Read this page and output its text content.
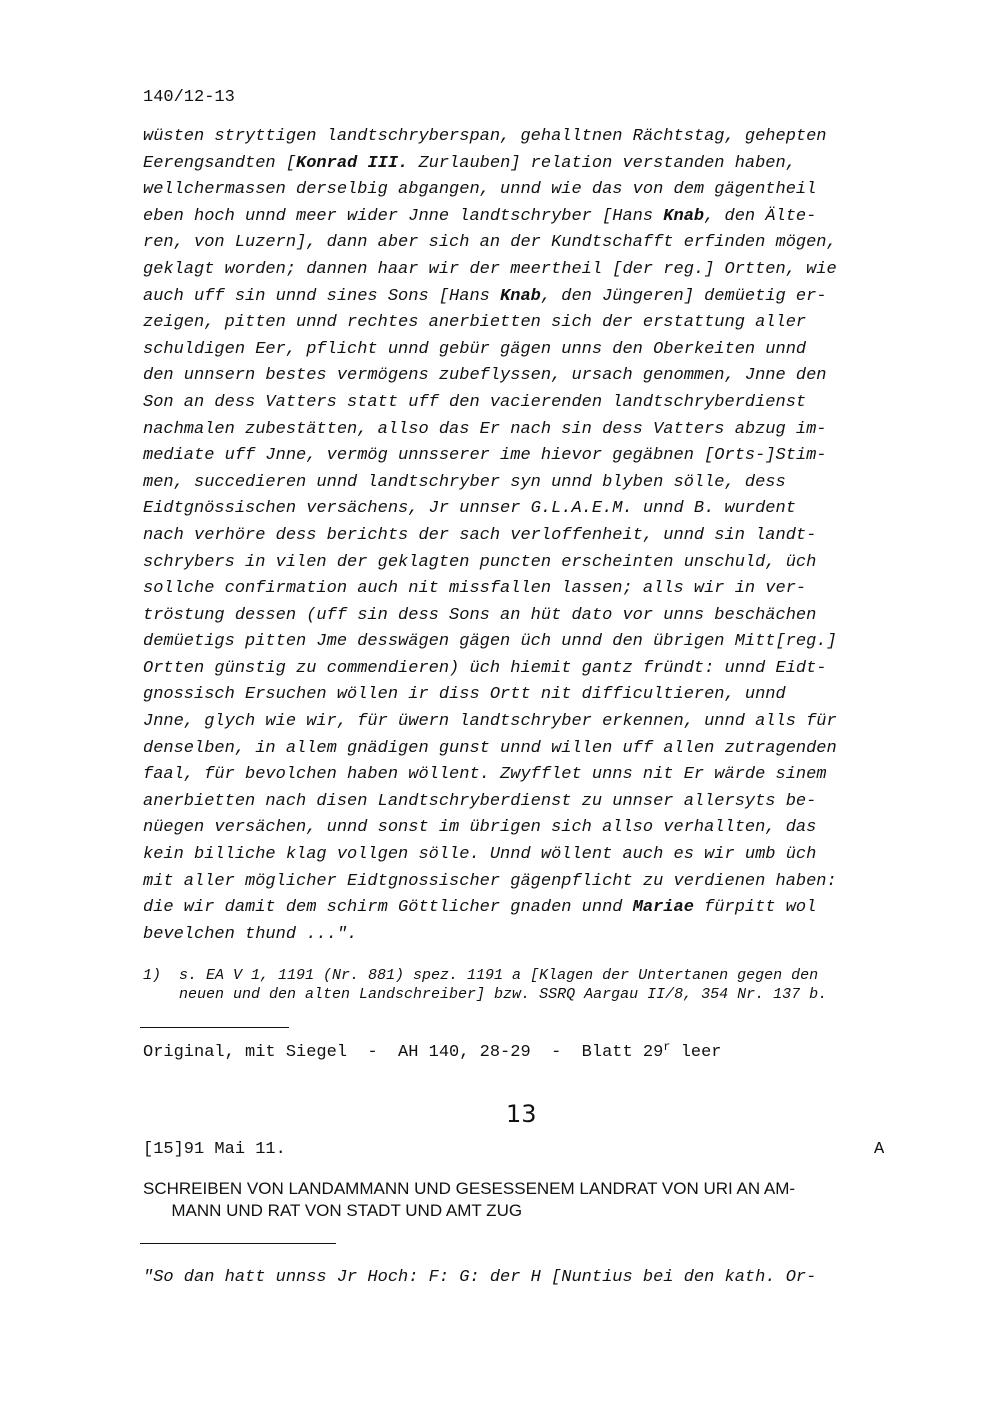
140/12-13
wüsten stryttigen landtschryberspan, gehalltnen Rächtstag, gehepten
Eerengsandten [Konrad III. Zurlauben] relation verstanden haben,
wellchermassen derselbig abgangen, unnd wie das von dem gägentheil
eben hoch unnd meer wider Jnne landtschryber [Hans Knab, den Älte-
ren, von Luzern], dann aber sich an der Kundtschafft erfinden mögen,
geklagt worden; dannen haar wir der meertheil [der reg.] Ortten, wie
auch uff sin unnd sines Sons [Hans Knab, den Jüngeren] demüetig er-
zeigen, pitten unnd rechtes anerbietten sich der erstattung aller
schuldigen Eer, pflicht unnd gebür gägen unns den Oberkeiten unnd
den unnsern bestes vermögens zubeflyssen, ursach genommen, Jnne den
Son an dess Vatters statt uff den vacierenden landtschryberdienst
nachmalen zubestätten, allso das Er nach sin dess Vatters abzug im-
mediate uff Jnne, vermög unnsserer ime hievor gegäbnen [Orts-]Stim-
men, succedieren unnd landtschryber syn unnd blyben sölle, dess
Eidtgnössischen versächens, Jr unnser G.L.A.E.M. unnd B. wurdent
nach verhöre dess berichts der sach verloffenheit, unnd sin landt-
schrybers in vilen der geklagten puncten erscheinten unschuld, üch
sollche confirmation auch nit missfallen lassen; alls wir in ver-
tröstung dessen (uff sin dess Sons an hüt dato vor unns beschächen
demüetigs pitten Jme desswägen gägen üch unnd den übrigen Mitt[reg.]
Ortten günstig zu commendieren) üch hiemit gantz fründt: unnd Eidt-
gnossisch Ersuchen wöllen ir diss Ortt nit difficultieren, unnd
Jnne, glych wie wir, für üwern landtschryber erkennen, unnd alls für
denselben, in allem gnädigen gunst unnd willen uff allen zutragenden
faal, für bevolchen haben wöllent. Zwyfflet unns nit Er wärde sinem
anerbietten nach disen Landtschryberdienst zu unnser allersyts be-
nüegen versächen, unnd sonst im übrigen sich allso verhallten, das
kein billiche klag vollgen sölle. Unnd wöllent auch es wir umb üch
mit aller möglicher Eidtgnossischer gägenpflicht zu verdienen haben:
die wir damit dem schirm Göttlicher gnaden unnd Mariae fürpitt wol
bevelchen thund ...".
1)  s. EA V 1, 1191 (Nr. 881) spez. 1191 a [Klagen der Untertanen gegen den
neuen und den alten Landschreiber] bzw. SSRQ Aargau II/8, 354 Nr. 137 b.
Original, mit Siegel  -  AH 140, 28-29  -  Blatt 29$^r$ leer
13
[15]91 Mai 11.	A
SCHREIBEN VON LANDAMMANN UND GESESSENEM LANDRAT VON URI AN AM-
MANN UND RAT VON STADT UND AMT ZUG
"So dan hatt unnss Jr Hoch: F: G: der H [Nuntius bei den kath. Or-
